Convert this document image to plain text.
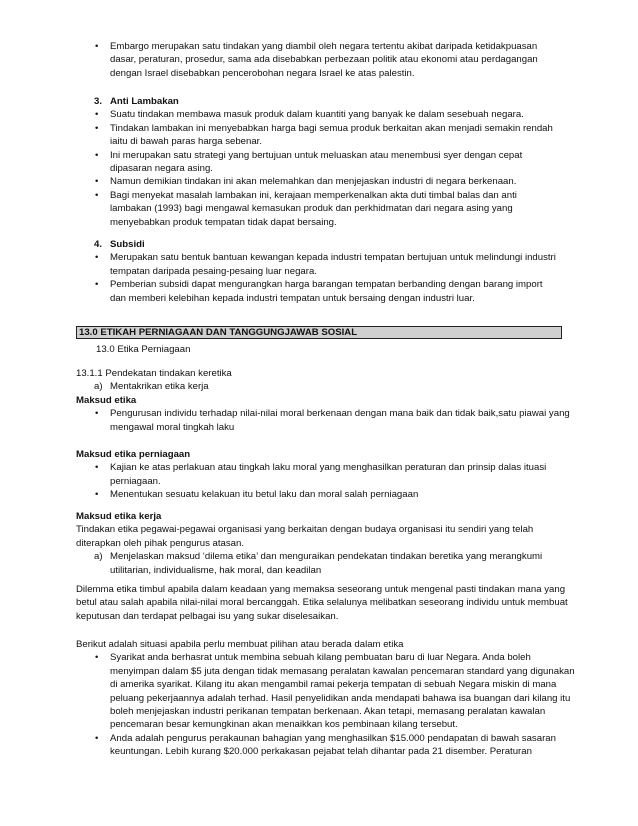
• Embargo merupakan satu tindakan yang diambil oleh negara tertentu akibat daripada ketidakpuasan dasar, peraturan, prosedur, sama ada disebabkan perbezaan politik atau ekonomi atau perdagangan dengan Israel disebabkan pencerobohan negara Israel ke atas palestin.
3. Anti Lambakan
• Suatu tindakan membawa masuk produk dalam kuantiti yang banyak ke dalam sesebuah negara.
• Tindakan lambakan ini menyebabkan harga bagi semua produk berkaitan akan menjadi semakin rendah iaitu di bawah paras harga sebenar.
• Ini merupakan satu strategi yang bertujuan untuk meluaskan atau menembusi syer dengan cepat dipasaran negara asing.
• Namun demikian tindakan ini akan melemahkan dan menjejaskan industri di negara berkenaan.
• Bagi menyekat masalah lambakan ini, kerajaan memperkenalkan akta duti timbal balas dan anti lambakan (1993) bagi mengawal kemasukan produk dan perkhidmatan dari negara asing yang menyebabkan produk tempatan tidak dapat bersaing.
4. Subsidi
• Merupakan satu bentuk bantuan kewangan kepada industri tempatan bertujuan untuk melindungi industri tempatan daripada pesaing-pesaing luar negara.
• Pemberian subsidi dapat mengurangkan harga barangan tempatan berbanding dengan barang import dan memberi kelebihan kepada industri tempatan untuk bersaing dengan industri luar.
13.0 ETIKAH PERNIAGAAN DAN TANGGUNGJAWAB SOSIAL
13.0 Etika Perniagaan
13.1.1 Pendekatan tindakan keretika
a) Mentakrikan etika kerja
Maksud etika
• Pengurusan individu terhadap nilai-nilai moral berkenaan dengan mana baik dan tidak baik,satu piawai yang mengawal moral tingkah laku
Maksud etika perniagaan
• Kajian ke atas perlakuan atau tingkah laku moral yang menghasilkan peraturan dan prinsip dalas ituasi perniagaan.
• Menentukan sesuatu kelakuan itu betul laku dan moral salah perniagaan
Maksud etika kerja
Tindakan etika pegawai-pegawai organisasi yang berkaitan dengan budaya organisasi itu sendiri yang telah diterapkan oleh pihak pengurus atasan.
a) Menjelaskan maksud ‘dilema etika’ dan menguraikan pendekatan tindakan beretika yang merangkumi utilitarian, individualisme, hak moral, dan keadilan
Dilemma etika timbul apabila dalam keadaan yang memaksa seseorang untuk mengenal pasti tindakan mana yang betul atau salah apabila nilai-nilai moral bercanggah. Etika selalunya melibatkan seseorang individu untuk membuat keputusan dan terdapat pelbagai isu yang sukar diselesaikan.
Berikut adalah situasi apabila perlu membuat pilihan atau berada dalam etika
• Syarikat anda berhasrat untuk membina sebuah kilang pembuatan baru di luar Negara. Anda boleh menyimpan dalam $5 juta dengan tidak memasang peralatan kawalan pencemaran standard yang digunakan di amerika syarikat. Kilang itu akan mengambil ramai pekerja tempatan di sebuah Negara miskin di mana peluang pekerjaannya adalah terhad. Hasil penyelidikan anda mendapati bahawa isa buangan dari kilang itu boleh menjejaskan industri perikanan tempatan berkenaan. Akan tetapi, memasang peralatan kawalan pencemaran besar kemungkinan akan menaikkan kos pembinaan kilang tersebut.
• Anda adalah pengurus perakaunan bahagian yang menghasilkan $15.000 pendapatan di bawah sasaran keuntungan. Lebih kurang $20.000 perkakasan pejabat telah dihantar pada 21 disember. Peraturan
